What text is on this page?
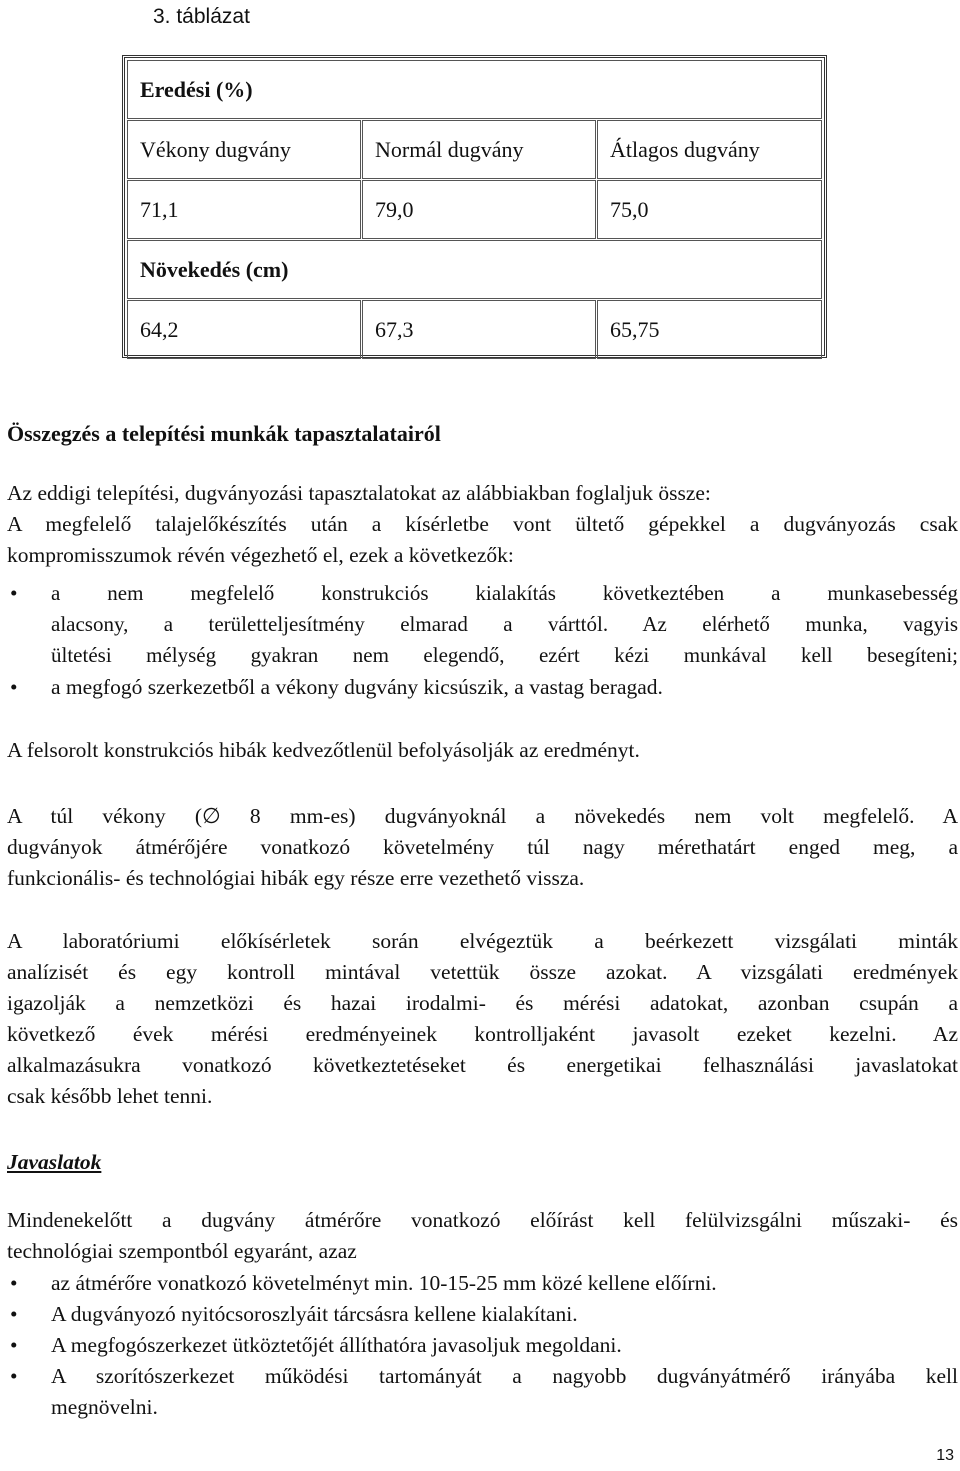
3. táblázat
Eredési (%)
Vékony dugvány	Normál dugvány	Átlagos dugvány
71,1	79,0	75,0
Növekedés (cm)
64,2	67,3	65,75
Összegzés a telepítési munkák tapasztalatairól
Az eddigi telepítési, dugványozási tapasztalatokat az alábbiakban foglaljuk össze:
A megfelelő talajelőkészítés után a kísérletbe vont ültető gépekkel a dugványozás csak
kompromisszumok révén végezhető el, ezek a következők:
• a nem megfelelő konstrukciós kialakítás következtében a munkasebesség
alacsony, a területteljesítmény elmarad a várttól. Az elérhető munka, vagyis
ültetési mélység gyakran nem elegendő, ezért kézi munkával kell besegíteni;
• a megfogó szerkezetből a vékony dugvány kicsúszik, a vastag beragad.
A felsorolt konstrukciós hibák kedvezőtlenül befolyásolják az eredményt.
A túl vékony (∅ 8 mm-es) dugványoknál a növekedés nem volt megfelelő. A
dugványok átmérőjére vonatkozó követelmény túl nagy mérethatárt enged meg, a
funkcionális- és technológiai hibák egy része erre vezethető vissza.
A laboratóriumi előkísérletek során elvégeztük a beérkezett vizsgálati minták
analízisét és egy kontroll mintával vetettük össze azokat. A vizsgálati eredmények
igazolják a nemzetközi és hazai irodalmi- és mérési adatokat, azonban csupán a
következő évek mérési eredményeinek kontrolljaként javasolt ezeket kezelni. Az
alkalmazásukra vonatkozó következtetéseket és energetikai felhasználási javaslatokat
csak később lehet tenni.
Javaslatok
Mindenekelőtt a dugvány átmérőre vonatkozó előírást kell felülvizsgálni műszaki- és
technológiai szempontból egyaránt, azaz
• az átmérőre vonatkozó követelményt min. 10-15-25 mm közé kellene előírni.
• A dugványozó nyitócsoroszlyáit tárcsásra kellene kialakítani.
• A megfogószerkezet ütköztetőjét állíthatóra javasoljuk megoldani.
• A szorítószerkezet működési tartományát a nagyobb dugványátmérő irányába kell
megnövelni.
13
